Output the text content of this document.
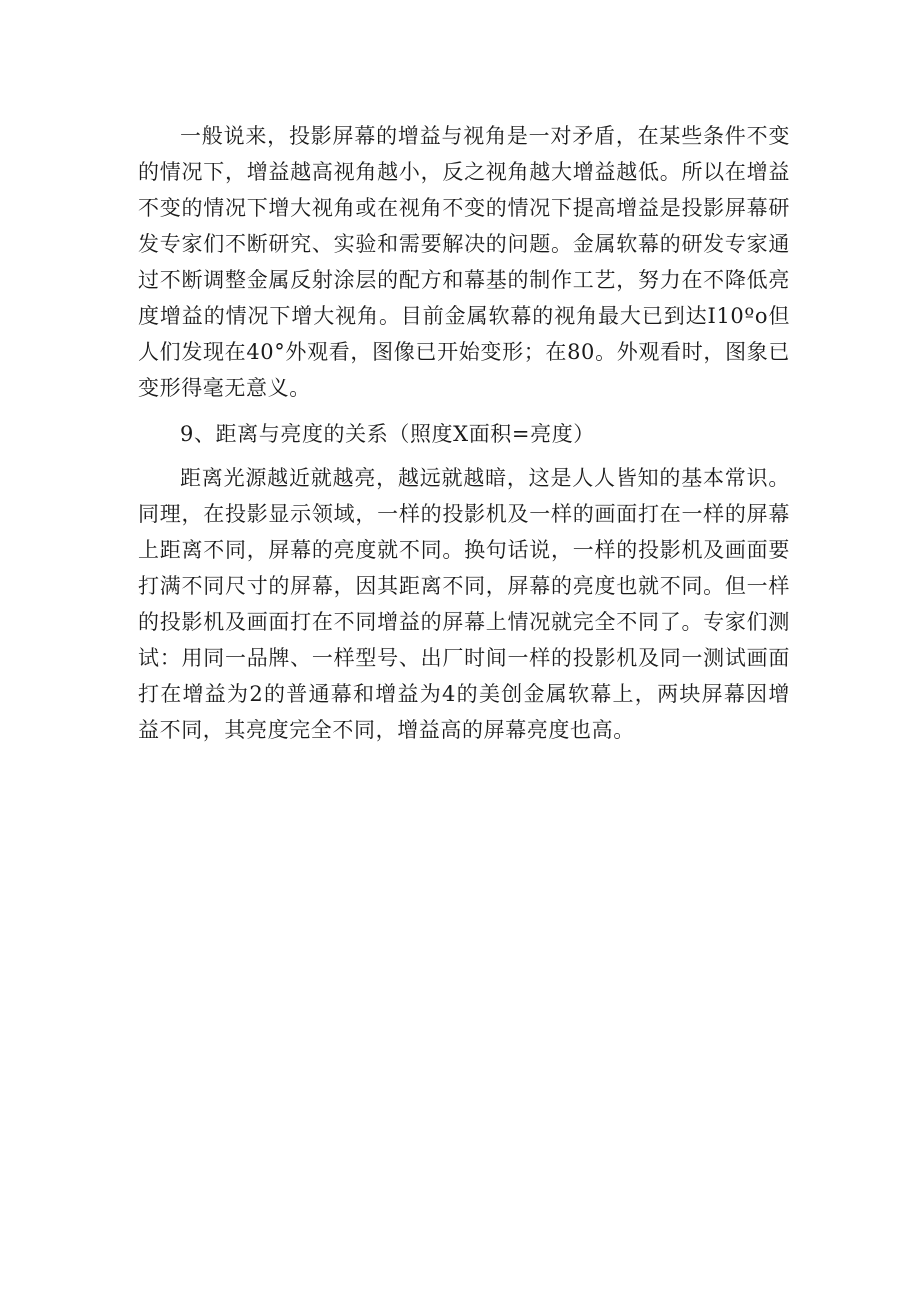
一般说来，投影屏幕的增益与视角是一对矛盾，在某些条件不变的情况下，增益越高视角越小，反之视角越大增益越低。所以在增益不变的情况下增大视角或在视角不变的情况下提高增益是投影屏幕研发专家们不断研究、实验和需要解决的问题。金属软幕的研发专家通过不断调整金属反射涂层的配方和幕基的制作工艺，努力在不降低亮度增益的情况下增大视角。目前金属软幕的视角最大已到达I10ºo但人们发现在40°外观看，图像已开始变形；在80。外观看时，图象已变形得毫无意义。

9、距离与亮度的关系（照度X面积=亮度）

距离光源越近就越亮，越远就越暗，这是人人皆知的基本常识。同理，在投影显示领域，一样的投影机及一样的画面打在一样的屏幕上距离不同，屏幕的亮度就不同。换句话说，一样的投影机及画面要打满不同尺寸的屏幕，因其距离不同，屏幕的亮度也就不同。但一样的投影机及画面打在不同增益的屏幕上情况就完全不同了。专家们测试：用同一品牌、一样型号、出厂时间一样的投影机及同一测试画面打在增益为2的普通幕和增益为4的美创金属软幕上，两块屏幕因增益不同，其亮度完全不同，增益高的屏幕亮度也高。
